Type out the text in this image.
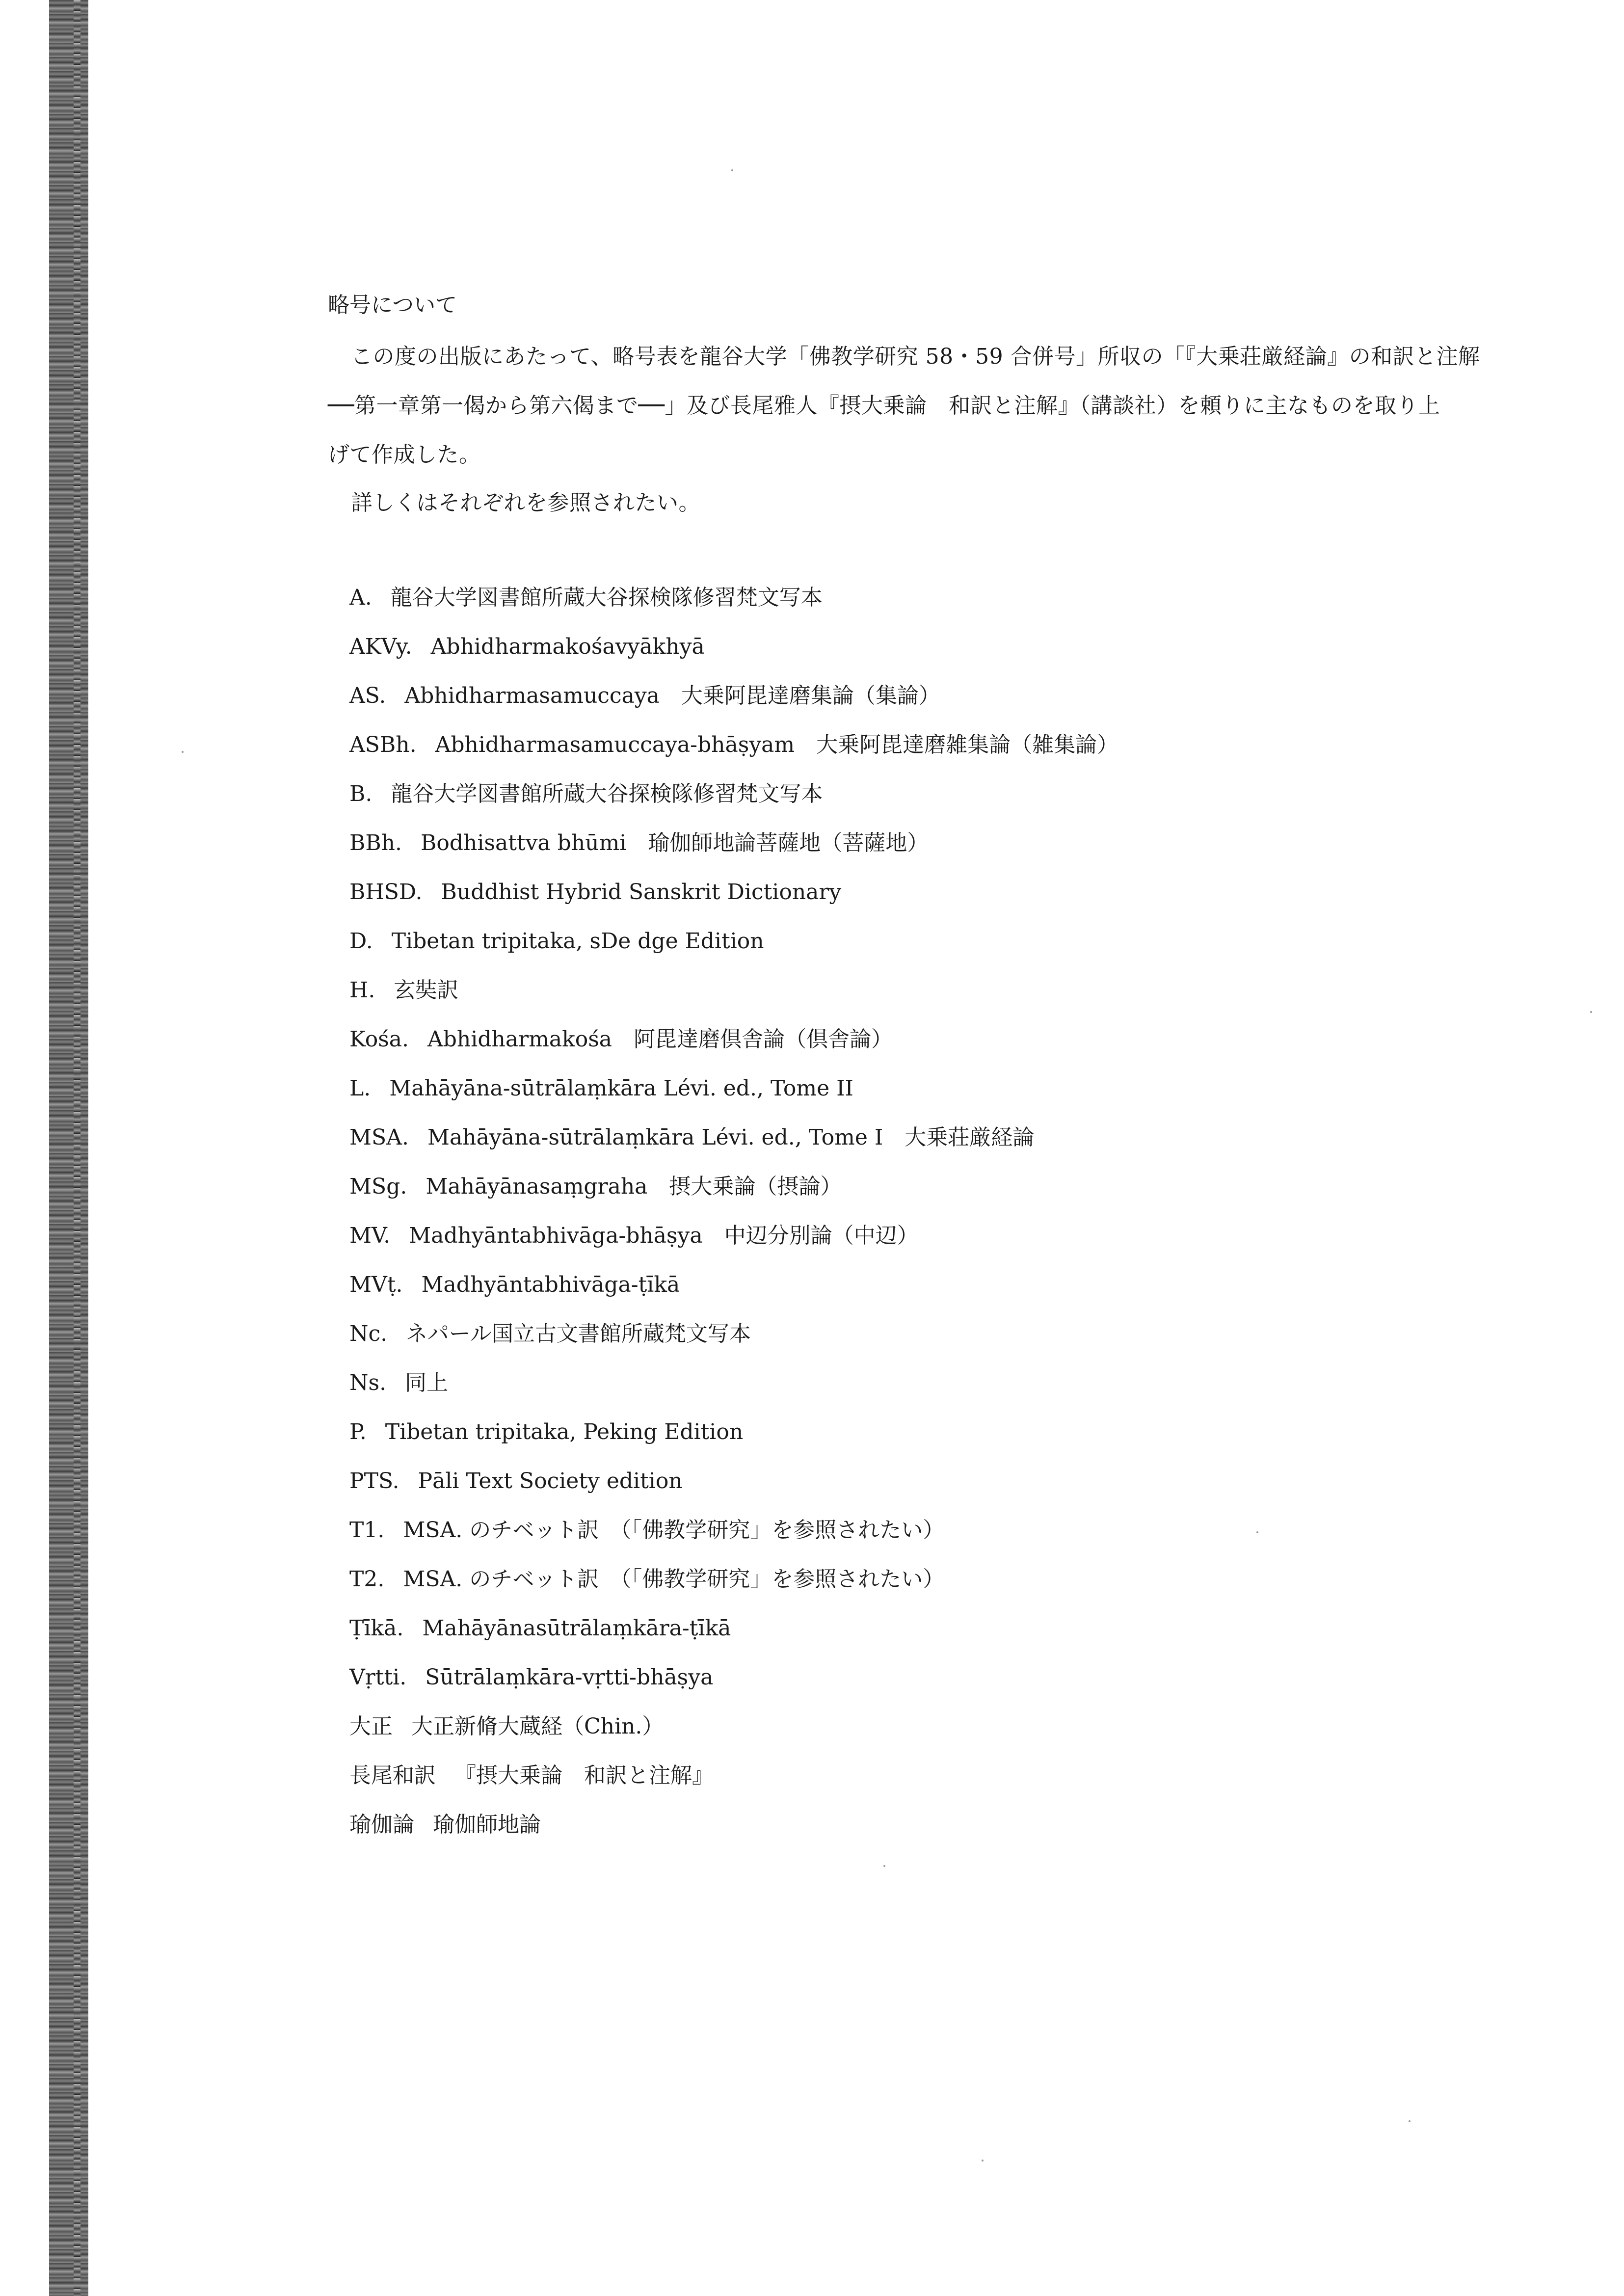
略号について
この度の出版にあたって、略号表を龍谷大学「佛教学研究 58・59 合併号」所収の「『大乗荘厳経論』の和訳と注解
──第一章第一偈から第六偈まで──」及び長尾雅人『摂大乗論　和訳と注解』（講談社）を頼りに主なものを取り上
げて作成した。
詳しくはそれぞれを参照されたい。
A. 龍谷大学図書館所蔵大谷探検隊修習梵文写本
AKVy. Abhidharmakośavyākhyā
AS. Abhidharmasamuccaya　大乗阿毘達磨集論（集論）
ASBh. Abhidharmasamuccaya-bhāṣyam　大乗阿毘達磨雑集論（雑集論）
B. 龍谷大学図書館所蔵大谷探検隊修習梵文写本
BBh. Bodhisattva bhūmi　瑜伽師地論菩薩地（菩薩地）
BHSD. Buddhist Hybrid Sanskrit Dictionary
D. Tibetan tripitaka, sDe dge Edition
H. 玄奘訳
Kośa. Abhidharmakośa　阿毘達磨倶舎論（倶舎論）
L. Mahāyāna-sūtrālaṃkāra Lévi. ed., Tome II
MSA. Mahāyāna-sūtrālaṃkāra Lévi. ed., Tome I　大乗荘厳経論
MSg. Mahāyānasaṃgraha　摂大乗論（摂論）
MV. Madhyāntabhivāga-bhāṣya　中辺分別論（中辺）
MVṭ. Madhyāntabhivāga-ṭīkā
Nc. ネパール国立古文書館所蔵梵文写本
Ns. 同上
P. Tibetan tripitaka, Peking Edition
PTS. Pāli Text Society edition
T1. MSA. のチベット訳　（「佛教学研究」を参照されたい）
T2. MSA. のチベット訳　（「佛教学研究」を参照されたい）
Ṭīkā. Mahāyānasūtrālaṃkāra-ṭīkā
Vṛtti. Sūtrālaṃkāra-vṛtti-bhāṣya
大正 大正新脩大蔵経（Chin.）
長尾和訳 『摂大乗論　和訳と注解』
瑜伽論 瑜伽師地論
